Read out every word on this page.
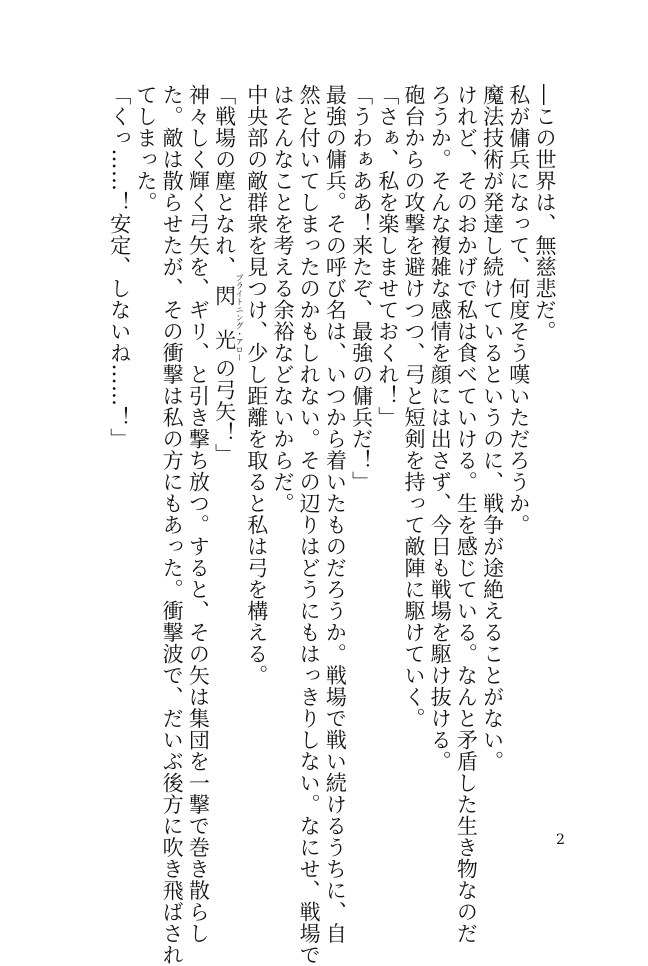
―この世界は、無慈悲だ。
私が傭兵になって、何度そう嘆いただろうか。
魔法技術が発達し続けているというのに、戦争が途絶えることがない。
けれど、そのおかげで私は食べていける。生を感じている。なんと矛盾した生き物なのだ
ろうか。そんな複雑な感情を顔には出さず、今日も戦場を駆け抜ける。
砲台からの攻撃を避けつつ、弓と短剣を持って敵陣に駆けていく。
「さぁ、私を楽しませておくれ！」
「うわぁああ！来たぞ、最強の傭兵だ！」
最強の傭兵。その呼び名は、いつから着いたものだろうか。戦場で戦い続けるうちに、自
然と付いてしまったのかもしれない。その辺りはどうにもはっきりしない。なにせ、戦場で
はそんなことを考える余裕などないからだ。
中央部の敵群衆を見つけ、少し距離を取ると私は弓を構える。
「戦場の塵となれ、閃光ブライトニング・アローの弓矢！」
神々しく輝く弓矢を、ギリ、と引き撃ち放つ。すると、その矢は集団を一撃で巻き散らし
た。敵は散らせたが、その衝撃は私の方にもあった。衝撃波で、だいぶ後方に吹き飛ばされ
てしまった。
「くっ……！安定、しないね……！」
2
